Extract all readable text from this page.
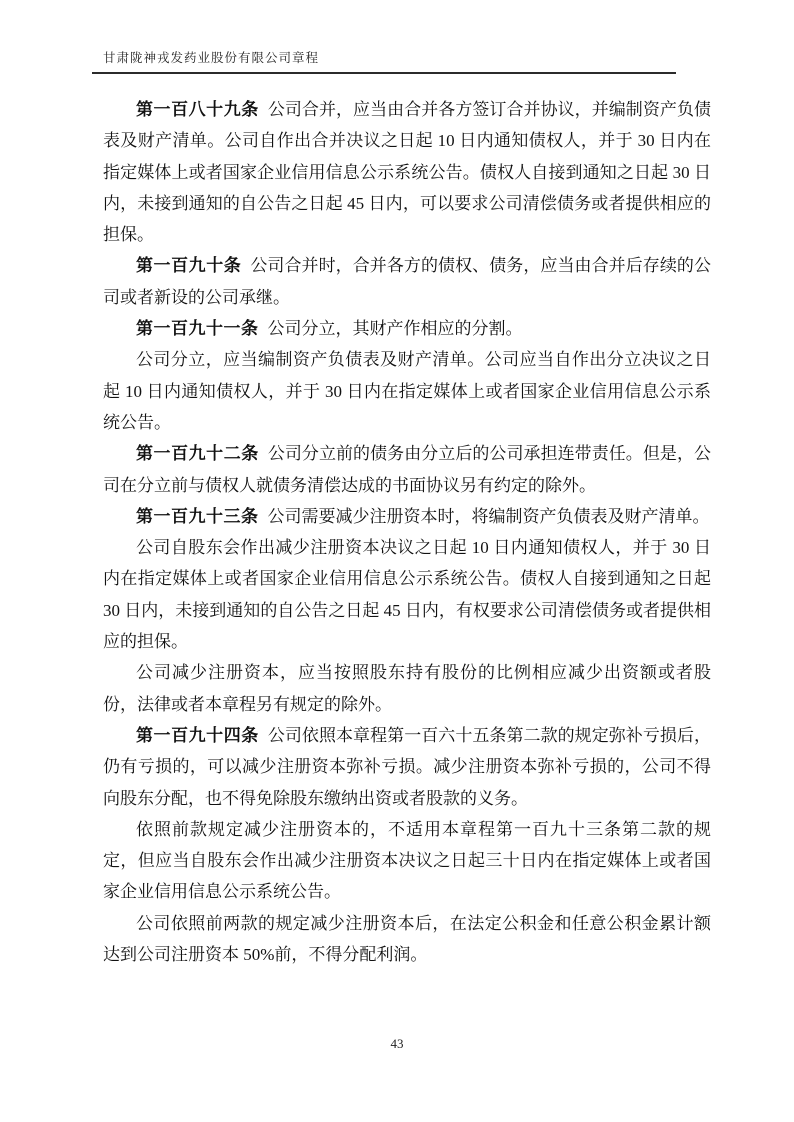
甘肃陇神戎发药业股份有限公司章程

第一百八十九条 公司合并，应当由合并各方签订合并协议，并编制资产负债表及财产清单。公司自作出合并决议之日起 10 日内通知债权人，并于 30 日内在指定媒体上或者国家企业信用信息公示系统公告。债权人自接到通知之日起 30 日内，未接到通知的自公告之日起 45 日内，可以要求公司清偿债务或者提供相应的担保。

第一百九十条 公司合并时，合并各方的债权、债务，应当由合并后存续的公司或者新设的公司承继。

第一百九十一条 公司分立，其财产作相应的分割。

公司分立，应当编制资产负债表及财产清单。公司应当自作出分立决议之日起 10 日内通知债权人，并于 30 日内在指定媒体上或者国家企业信用信息公示系统公告。

第一百九十二条 公司分立前的债务由分立后的公司承担连带责任。但是，公司在分立前与债权人就债务清偿达成的书面协议另有约定的除外。

第一百九十三条 公司需要减少注册资本时，将编制资产负债表及财产清单。

公司自股东会作出减少注册资本决议之日起 10 日内通知债权人，并于 30 日内在指定媒体上或者国家企业信用信息公示系统公告。债权人自接到通知之日起 30 日内，未接到通知的自公告之日起 45 日内，有权要求公司清偿债务或者提供相应的担保。

公司减少注册资本，应当按照股东持有股份的比例相应减少出资额或者股份，法律或者本章程另有规定的除外。

第一百九十四条 公司依照本章程第一百六十五条第二款的规定弥补亏损后，仍有亏损的，可以减少注册资本弥补亏损。减少注册资本弥补亏损的，公司不得向股东分配，也不得免除股东缴纳出资或者股款的义务。

依照前款规定减少注册资本的，不适用本章程第一百九十三条第二款的规定，但应当自股东会作出减少注册资本决议之日起三十日内在指定媒体上或者国家企业信用信息公示系统公告。

公司依照前两款的规定减少注册资本后，在法定公积金和任意公积金累计额达到公司注册资本 50%前，不得分配利润。

43
